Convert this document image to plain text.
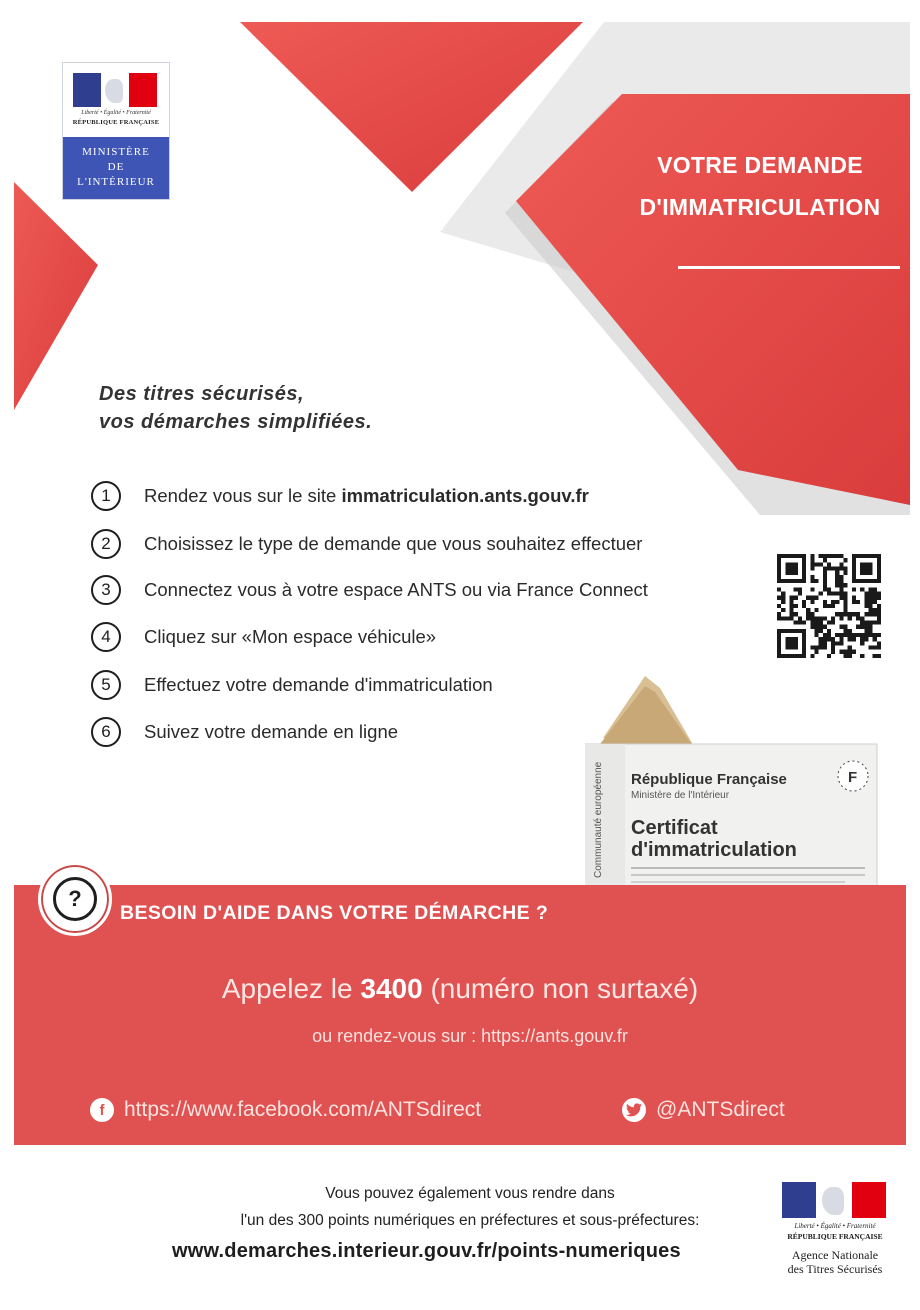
Liberté • Égalité • Fraternité
RÉPUBLIQUE FRANÇAISE
MINISTÈRE
DE
L'INTÉRIEUR
VOTRE DEMANDE
D'IMMATRICULATION
Des titres sécurisés,
vos démarches simplifiées.
1	Rendez vous sur le site immatriculation.ants.gouv.fr
2	Choisissez le type de demande que vous souhaitez effectuer
3	Connectez vous à votre espace ANTS ou via France Connect
4	Cliquez sur «Mon espace véhicule»
5	Effectuez votre demande d'immatriculation
6	Suivez votre demande en ligne
Communauté européenne République Française
Ministère de l'Intérieur
Certificat
d'immatriculation
F
?
BESOIN D'AIDE DANS VOTRE DÉMARCHE ?
Appelez le 3400 (numéro non surtaxé)
ou rendez-vous sur : https://ants.gouv.fr
f https://www.facebook.com/ANTSdirect	@ANTSdirect
Vous pouvez également vous rendre dans
l'un des 300 points numériques en préfectures et sous-préfectures:
www.demarches.interieur.gouv.fr/points-numeriques
Liberté • Égalité • Fraternité
RÉPUBLIQUE FRANÇAISE
Agence Nationale
des Titres Sécurisés
